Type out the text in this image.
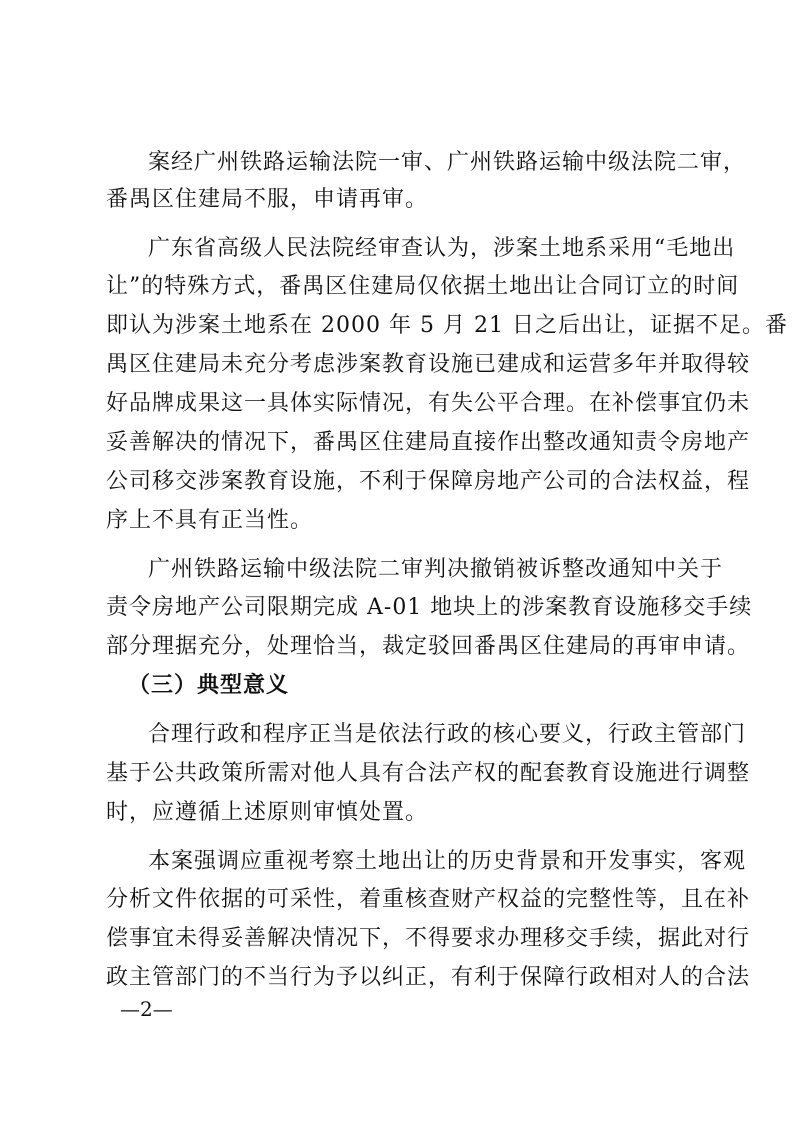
案经广州铁路运输法院一审、广州铁路运输中级法院二审，
番禺区住建局不服，申请再审。
广东省高级人民法院经审查认为，涉案土地系采用“毛地出
让”的特殊方式，番禺区住建局仅依据土地出让合同订立的时间
即认为涉案土地系在 2000 年 5 月 21 日之后出让，证据不足。番
禺区住建局未充分考虑涉案教育设施已建成和运营多年并取得较
好品牌成果这一具体实际情况，有失公平合理。在补偿事宜仍未
妥善解决的情况下，番禺区住建局直接作出整改通知责令房地产
公司移交涉案教育设施，不利于保障房地产公司的合法权益，程
序上不具有正当性。
广州铁路运输中级法院二审判决撤销被诉整改通知中关于
责令房地产公司限期完成 A-01 地块上的涉案教育设施移交手续
部分理据充分，处理恰当，裁定驳回番禺区住建局的再审申请。
（三）典型意义
合理行政和程序正当是依法行政的核心要义，行政主管部门
基于公共政策所需对他人具有合法产权的配套教育设施进行调整
时，应遵循上述原则审慎处置。
本案强调应重视考察土地出让的历史背景和开发事实，客观
分析文件依据的可采性，着重核查财产权益的完整性等，且在补
偿事宜未得妥善解决情况下，不得要求办理移交手续，据此对行
政主管部门的不当行为予以纠正，有利于保障行政相对人的合法
—2—
